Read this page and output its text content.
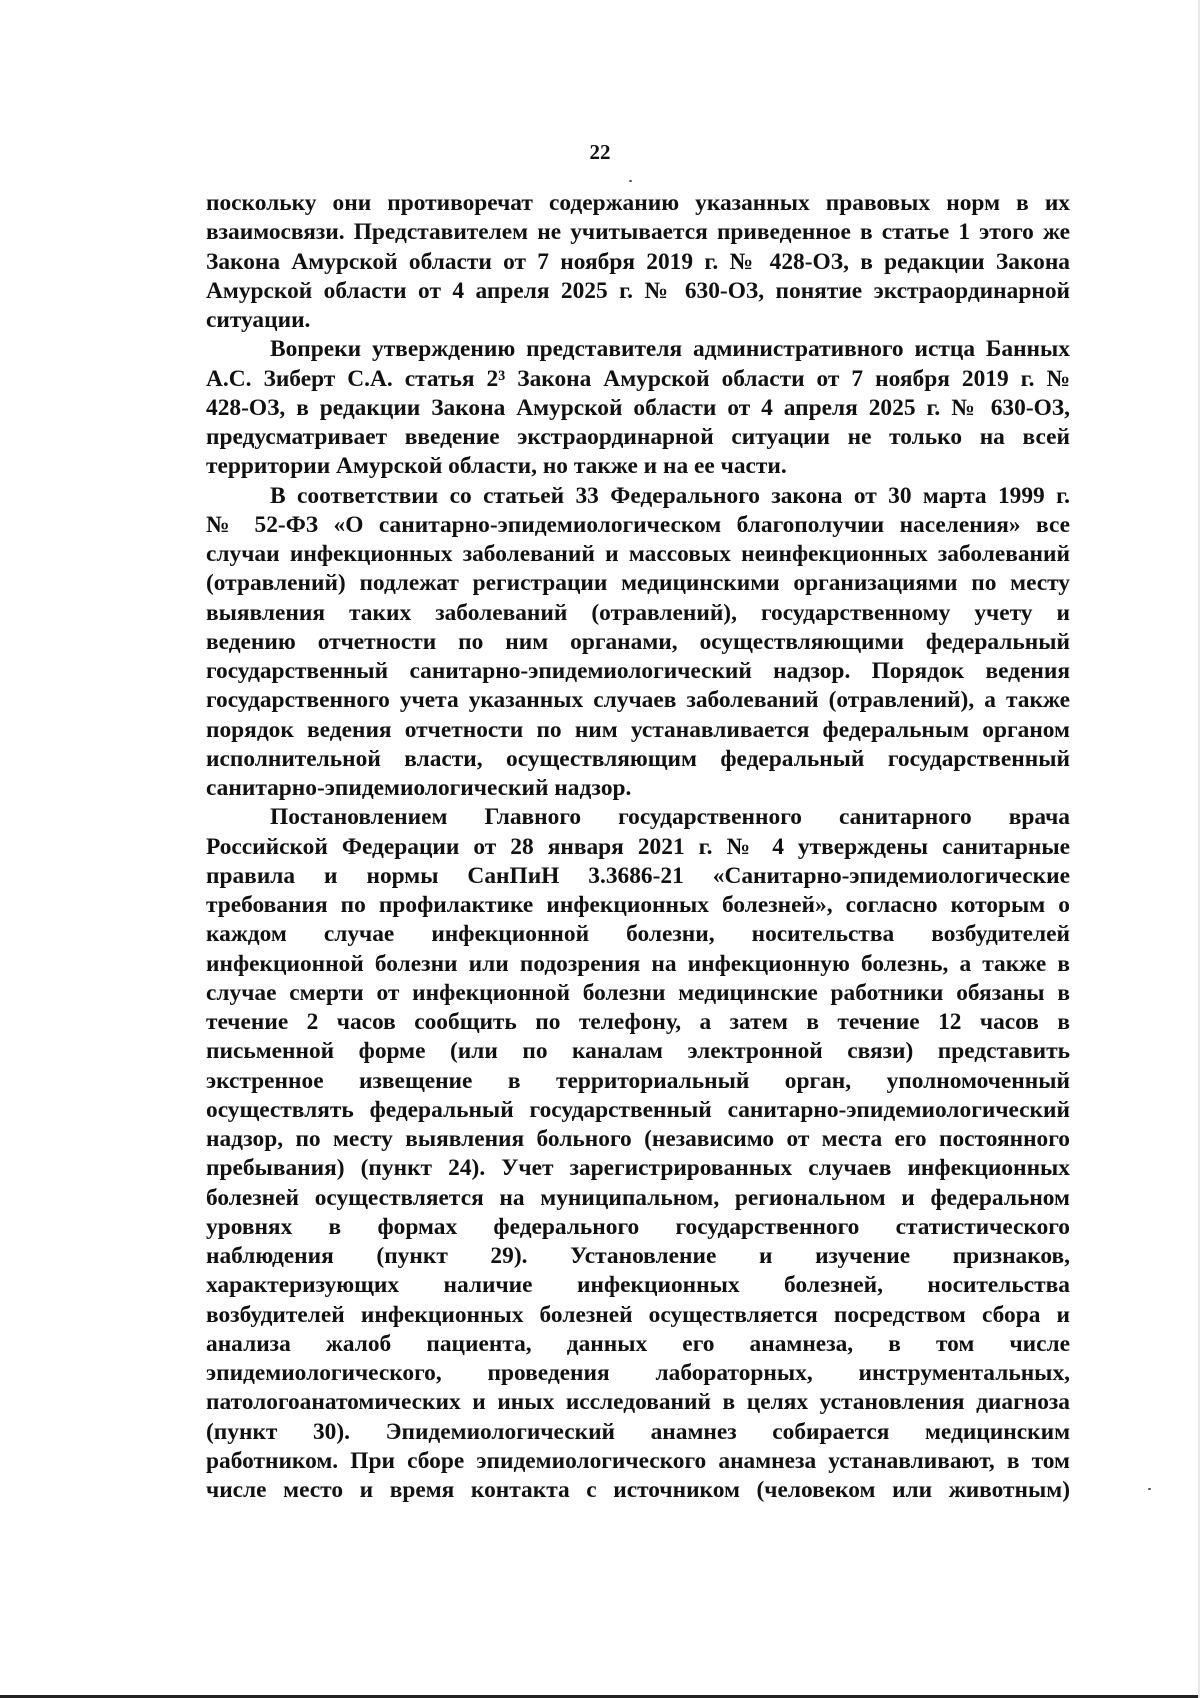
22
поскольку они противоречат содержанию указанных правовых норм в их
взаимосвязи. Представителем не учитывается приведенное в статье 1 этого же
Закона Амурской области от 7 ноября 2019 г. № 428-ОЗ, в редакции Закона
Амурской области от 4 апреля 2025 г. № 630-ОЗ, понятие экстраординарной
ситуации.
Вопреки утверждению представителя административного истца Банных
А.С. Зиберт С.А. статья 2³ Закона Амурской области от 7 ноября 2019 г. №
428-ОЗ, в редакции Закона Амурской области от 4 апреля 2025 г. № 630-ОЗ,
предусматривает введение экстраординарной ситуации не только на всей
территории Амурской области, но также и на ее части.
В соответствии со статьей 33 Федерального закона от 30 марта 1999 г.
№ 52-ФЗ «О санитарно-эпидемиологическом благополучии населения» все
случаи инфекционных заболеваний и массовых неинфекционных заболеваний
(отравлений) подлежат регистрации медицинскими организациями по месту
выявления таких заболеваний (отравлений), государственному учету и
ведению отчетности по ним органами, осуществляющими федеральный
государственный санитарно-эпидемиологический надзор. Порядок ведения
государственного учета указанных случаев заболеваний (отравлений), а также
порядок ведения отчетности по ним устанавливается федеральным органом
исполнительной власти, осуществляющим федеральный государственный
санитарно-эпидемиологический надзор.
Постановлением Главного государственного санитарного врача
Российской Федерации от 28 января 2021 г. № 4 утверждены санитарные
правила и нормы СанПиН 3.3686-21 «Санитарно-эпидемиологические
требования по профилактике инфекционных болезней», согласно которым о
каждом случае инфекционной болезни, носительства возбудителей
инфекционной болезни или подозрения на инфекционную болезнь, а также в
случае смерти от инфекционной болезни медицинские работники обязаны в
течение 2 часов сообщить по телефону, а затем в течение 12 часов в
письменной форме (или по каналам электронной связи) представить
экстренное извещение в территориальный орган, уполномоченный
осуществлять федеральный государственный санитарно-эпидемиологический
надзор, по месту выявления больного (независимо от места его постоянного
пребывания) (пункт 24). Учет зарегистрированных случаев инфекционных
болезней осуществляется на муниципальном, региональном и федеральном
уровнях в формах федерального государственного статистического
наблюдения (пункт 29). Установление и изучение признаков,
характеризующих наличие инфекционных болезней, носительства
возбудителей инфекционных болезней осуществляется посредством сбора и
анализа жалоб пациента, данных его анамнеза, в том числе
эпидемиологического, проведения лабораторных, инструментальных,
патологоанатомических и иных исследований в целях установления диагноза
(пункт 30). Эпидемиологический анамнез собирается медицинским
работником. При сборе эпидемиологического анамнеза устанавливают, в том
числе место и время контакта с источником (человеком или животным)
